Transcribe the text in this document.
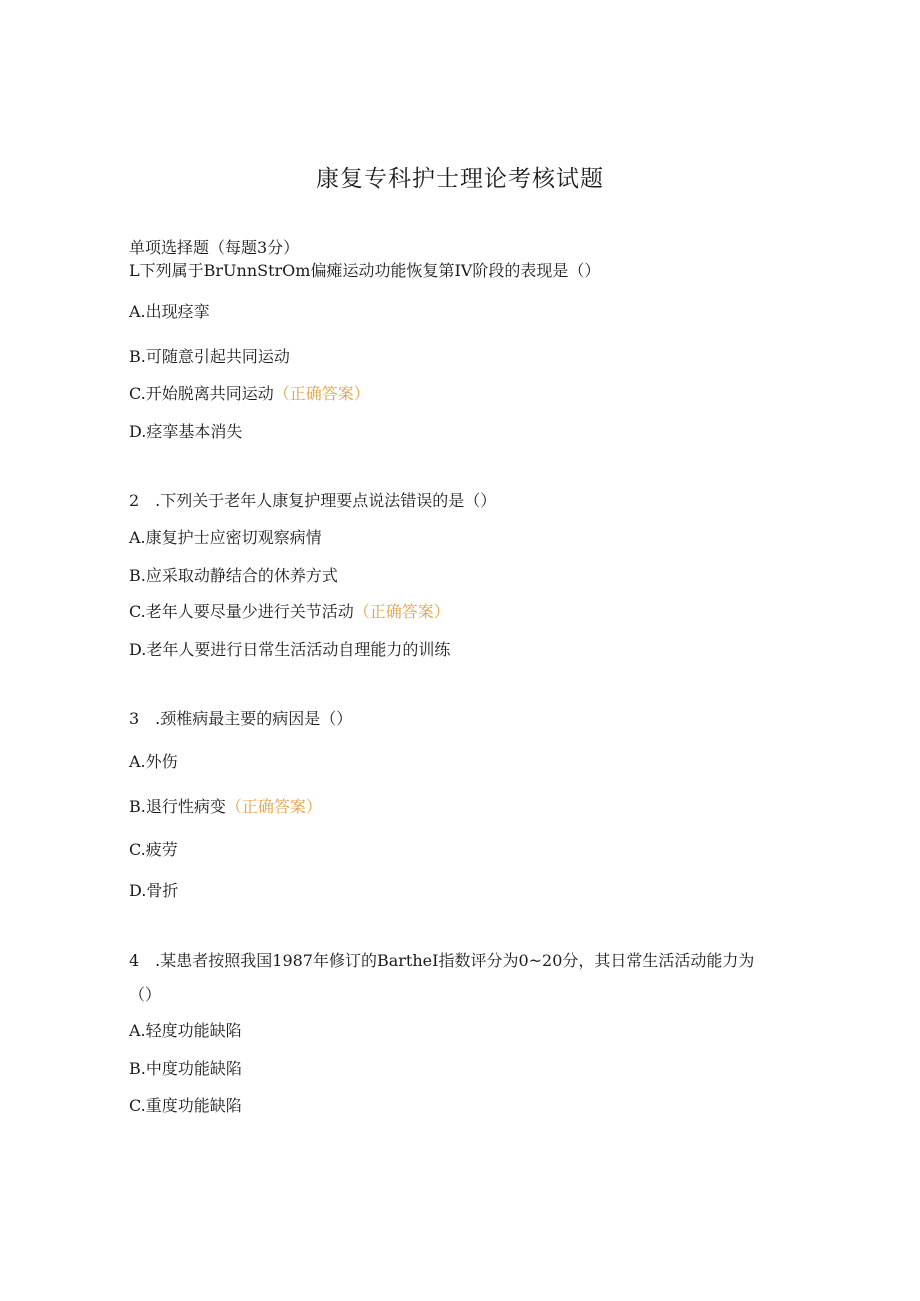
康复专科护士理论考核试题
单项选择题（每题3分）
L下列属于BrUnnStrOm偏瘫运动功能恢复第IV阶段的表现是（）
A.出现痉挛
B.可随意引起共同运动
C.开始脱离共同运动（正确答案）
D.痉挛基本消失
2　.下列关于老年人康复护理要点说法错误的是（）
A.康复护士应密切观察病情
B.应采取动静结合的休养方式
C.老年人要尽量少进行关节活动（正确答案）
D.老年人要进行日常生活活动自理能力的训练
3　.颈椎病最主要的病因是（）
A.外伤
B.退行性病变（正确答案）
C.疲劳
D.骨折
4　.某患者按照我国1987年修订的BartheI指数评分为0~20分，其日常生活活动能力为
（）
A.轻度功能缺陷
B.中度功能缺陷
C.重度功能缺陷
